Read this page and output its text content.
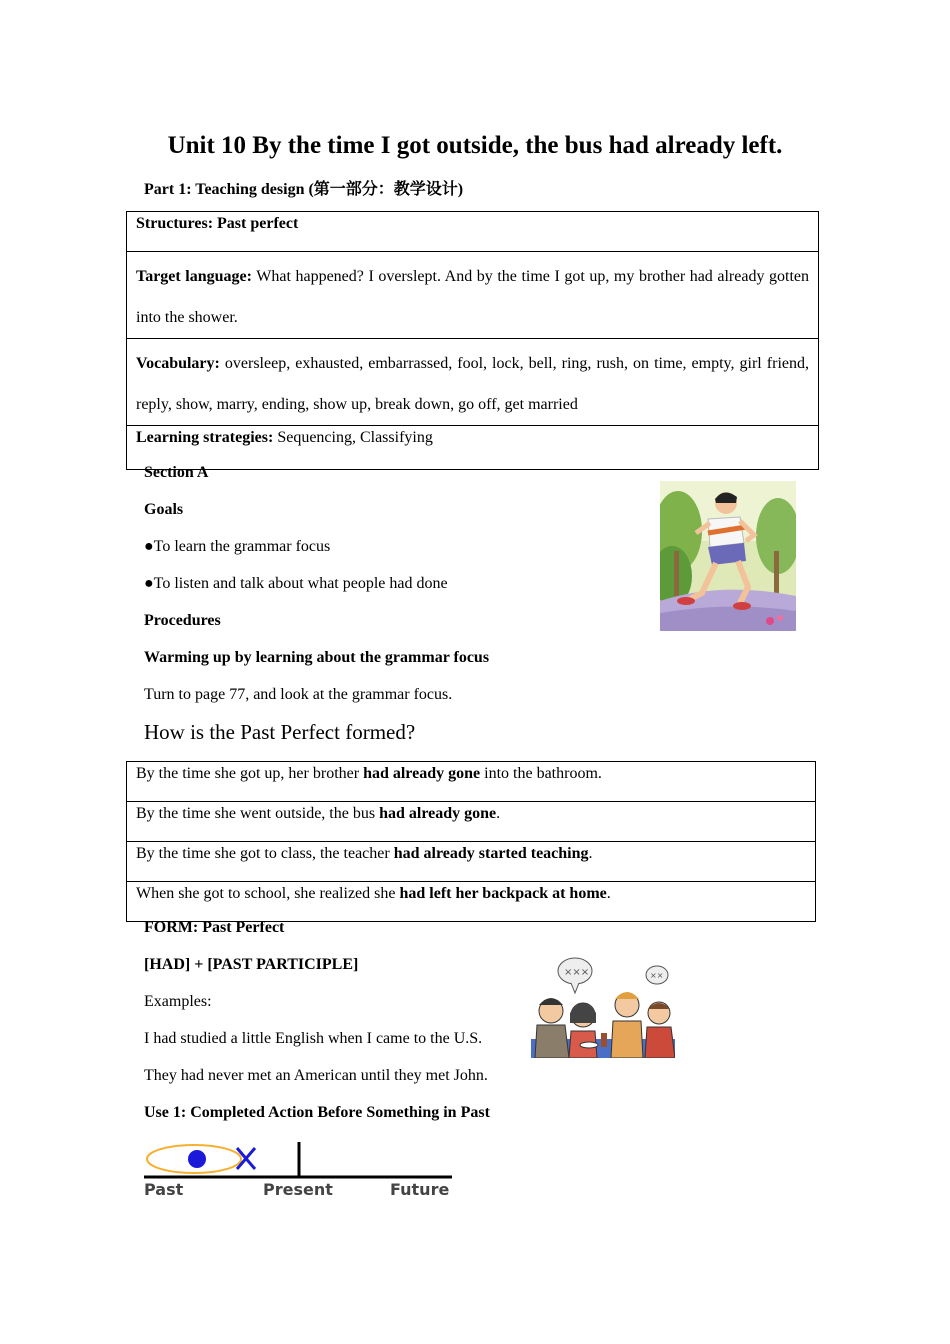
Unit 10 By the time I got outside, the bus had already left.
Part 1: Teaching design (第一部分：教学设计)
Structures: Past perfect
Target language: What happened? I overslept. And by the time I got up, my brother had already gotten into the shower.
Vocabulary: oversleep, exhausted, embarrassed, fool, lock, bell, ring, rush, on time, empty, girl friend, reply, show, marry, ending, show up, break down, go off, get married
Learning strategies: Sequencing, Classifying
Section A
Goals
●To learn the grammar focus
●To listen and talk about what people had done
Procedures
Warming up by learning about the grammar focus
Turn to page 77, and look at the grammar focus.
How is the Past Perfect formed?
By the time she got up, her brother had already gone into the bathroom.
By the time she went outside, the bus had already gone.
By the time she got to class, the teacher had already started teaching.
When she got to school, she realized she had left her backpack at home.
FORM: Past Perfect
[HAD] + [PAST PARTICIPLE]
Examples:
I had studied a little English when I came to the U.S.
They had never met an American until they met John.
Use 1: Completed Action Before Something in Past
×××	××
Past	Present	Future
